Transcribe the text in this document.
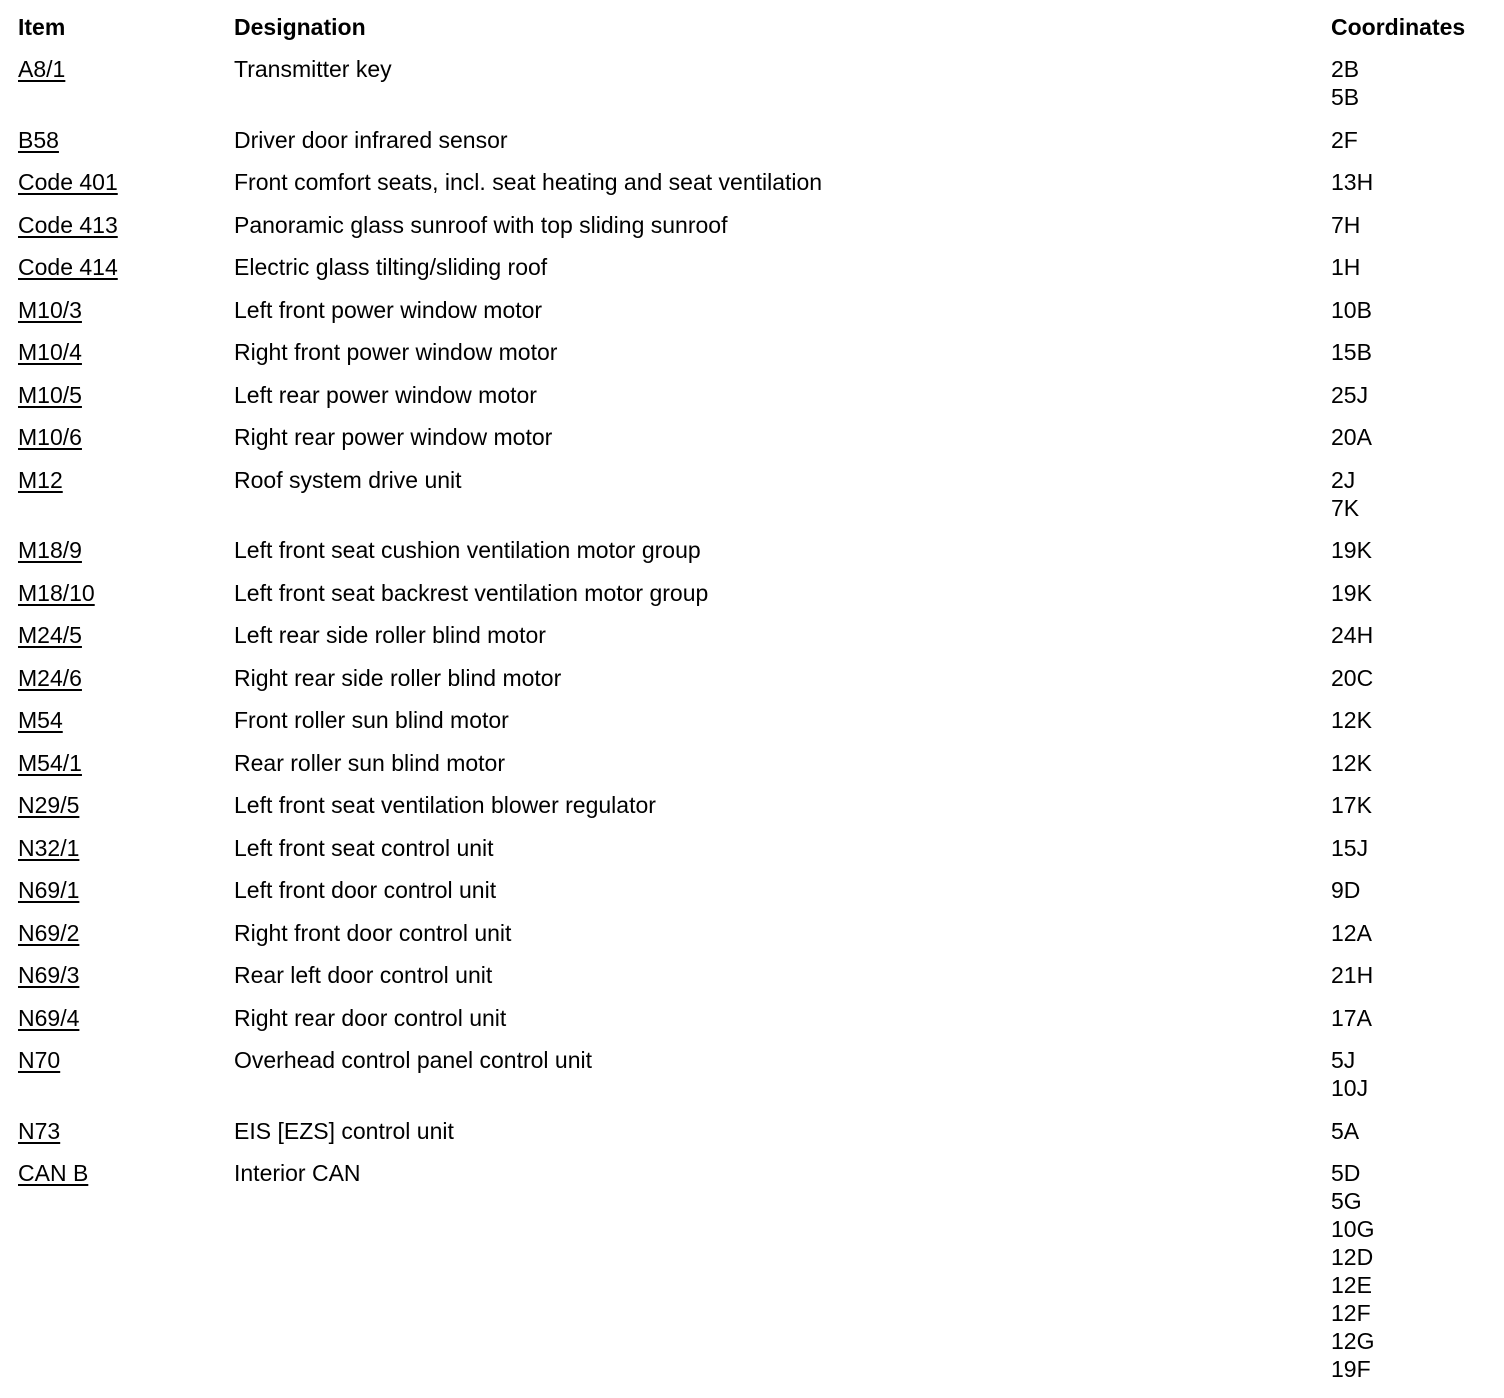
Item	Designation	Coordinates
A8/1	Transmitter key	2B
5B
B58	Driver door infrared sensor	2F
Code 401	Front comfort seats, incl. seat heating and seat ventilation	13H
Code 413	Panoramic glass sunroof with top sliding sunroof	7H
Code 414	Electric glass tilting/sliding roof	1H
M10/3	Left front power window motor	10B
M10/4	Right front power window motor	15B
M10/5	Left rear power window motor	25J
M10/6	Right rear power window motor	20A
M12	Roof system drive unit	2J
7K
M18/9	Left front seat cushion ventilation motor group	19K
M18/10	Left front seat backrest ventilation motor group	19K
M24/5	Left rear side roller blind motor	24H
M24/6	Right rear side roller blind motor	20C
M54	Front roller sun blind motor	12K
M54/1	Rear roller sun blind motor	12K
N29/5	Left front seat ventilation blower regulator	17K
N32/1	Left front seat control unit	15J
N69/1	Left front door control unit	9D
N69/2	Right front door control unit	12A
N69/3	Rear left door control unit	21H
N69/4	Right rear door control unit	17A
N70	Overhead control panel control unit	5J
10J
N73	EIS [EZS] control unit	5A
CAN B	Interior CAN	5D
5G
10G
12D
12E
12F
12G
19F
